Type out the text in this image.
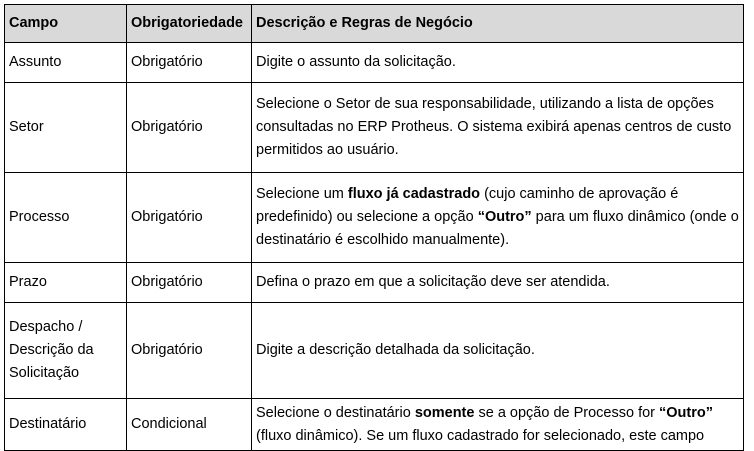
Campo	Obrigatoriedade	Descrição e Regras de Negócio
Assunto	Obrigatório	Digite o assunto da solicitação.
Setor	Obrigatório	Selecione o Setor de sua responsabilidade, utilizando a lista de opções consultadas no ERP Protheus. O sistema exibirá apenas centros de custo permitidos ao usuário.
Processo	Obrigatório	Selecione um fluxo já cadastrado (cujo caminho de aprovação é predefinido) ou selecione a opção “Outro” para um fluxo dinâmico (onde o destinatário é escolhido manualmente).
Prazo	Obrigatório	Defina o prazo em que a solicitação deve ser atendida.
Despacho / Descrição da Solicitação	Obrigatório	Digite a descrição detalhada da solicitação.
Destinatário	Condicional	Selecione o destinatário somente se a opção de Processo for “Outro” (fluxo dinâmico). Se um fluxo cadastrado for selecionado, este campo
